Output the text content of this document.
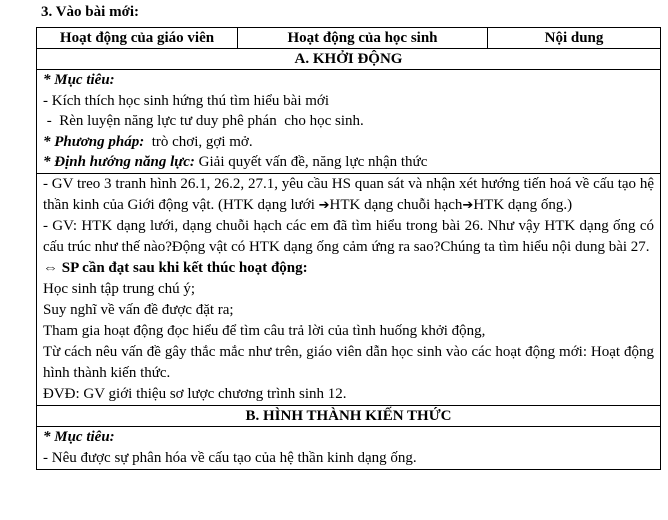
3. Vào bài mới:
Hoạt động của giáo viên	Hoạt động của học sinh	Nội dung
A. KHỞI ĐỘNG

* Mục tiêu:
- Kích thích học sinh hứng thú tìm hiểu bài mới
-  Rèn luyện năng lực tư duy phê phán  cho học sinh.
* Phương pháp:  trò chơi, gợi mở.
* Định hướng năng lực: Giải quyết vấn đề, năng lực nhận thức

- GV treo 3 tranh hình 26.1, 26.2, 27.1, yêu cầu HS quan sát và nhận xét hướng tiến hoá về cấu tạo hệ thần kinh của Giới động vật. (HTK dạng lưới ➔HTK dạng chuỗi hạch➔HTK dạng ống.)
- GV: HTK dạng lưới, dạng chuỗi hạch các em đã tìm hiểu trong bài 26. Như vậy HTK dạng ống có cấu trúc như thế nào?Động vật có HTK dạng ống cảm ứng ra sao?Chúng ta tìm hiểu nội dung bài 27.
⇔ SP cần đạt sau khi kết thúc hoạt động:
Học sinh tập trung chú ý;
Suy nghĩ về vấn đề được đặt ra;
Tham gia hoạt động đọc hiểu để tìm câu trả lời của tình huống khởi động,
Từ cách nêu vấn đề gây thắc mắc như trên, giáo viên dẫn học sinh vào các hoạt động mới: Hoạt động hình thành kiến thức.
ĐVĐ: GV giới thiệu sơ lược chương trình sinh 12.

B. HÌNH THÀNH KIẾN THỨC

* Mục tiêu:
- Nêu được sự phân hóa về cấu tạo của hệ thần kinh dạng ống.
